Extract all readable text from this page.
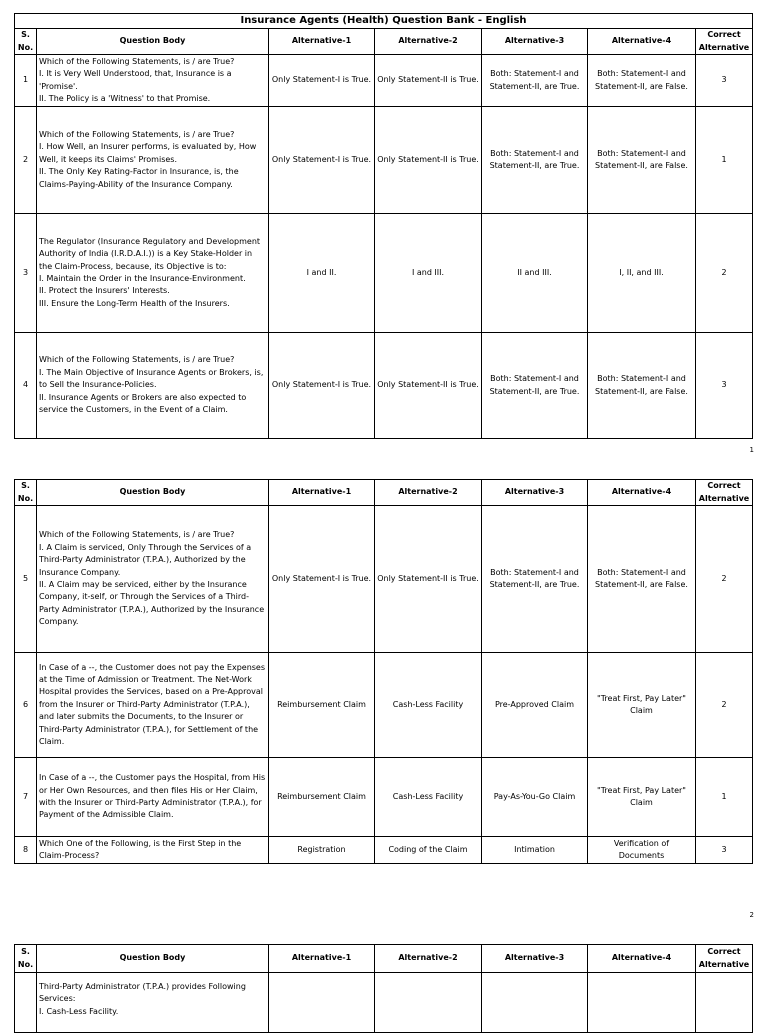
Insurance Agents (Health) Question Bank - English						
S. No.	Question Body	Alternative-1	Alternative-2	Alternative-3	Alternative-4	Correct Alternative
1	Which of the Following Statements, is / are True?
I. It is Very Well Understood, that, Insurance is a 'Promise'.
II. The Policy is a 'Witness' to that Promise.	Only Statement-I is True.	Only Statement-II is True.	Both: Statement-I and Statement-II, are True.	Both: Statement-I and Statement-II, are False.	3
2	Which of the Following Statements, is / are True?
I. How Well, an Insurer performs, is evaluated by, How Well, it keeps its Claims' Promises.
II. The Only Key Rating-Factor in Insurance, is, the Claims-Paying-Ability of the Insurance Company.	Only Statement-I is True.	Only Statement-II is True.	Both: Statement-I and Statement-II, are True.	Both: Statement-I and Statement-II, are False.	1
3	The Regulator (Insurance Regulatory and Development Authority of India (I.R.D.A.I.)) is a Key Stake-Holder in the Claim-Process, because, its Objective is to:
I. Maintain the Order in the Insurance-Environment.
II. Protect the Insurers' Interests.
III. Ensure the Long-Term Health of the Insurers.	I and II.	I and III.	II and III.	I, II, and III.	2
4	Which of the Following Statements, is / are True?
I. The Main Objective of Insurance Agents or Brokers, is, to Sell the Insurance-Policies.
II. Insurance Agents or Brokers are also expected to service the Customers, in the Event of a Claim.	Only Statement-I is True.	Only Statement-II is True.	Both: Statement-I and Statement-II, are True.	Both: Statement-I and Statement-II, are False.	3
1
S. No.	Question Body	Alternative-1	Alternative-2	Alternative-3	Alternative-4	Correct Alternative
5	Which of the Following Statements, is / are True?
I. A Claim is serviced, Only Through the Services of a Third-Party Administrator (T.P.A.), Authorized by the Insurance Company.
II. A Claim may be serviced, either by the Insurance Company, it-self, or Through the Services of a Third-Party Administrator (T.P.A.), Authorized by the Insurance Company.	Only Statement-I is True.	Only Statement-II is True.	Both: Statement-I and Statement-II, are True.	Both: Statement-I and Statement-II, are False.	2
6	In Case of a --, the Customer does not pay the Expenses at the Time of Admission or Treatment. The Net-Work Hospital provides the Services, based on a Pre-Approval from the Insurer or Third-Party Administrator (T.P.A.), and later submits the Documents, to the Insurer or Third-Party Administrator (T.P.A.), for Settlement of the Claim.	Reimbursement Claim	Cash-Less Facility	Pre-Approved Claim	"Treat First, Pay Later" Claim	2
7	In Case of a --, the Customer pays the Hospital, from His or Her Own Resources, and then files His or Her Claim, with the Insurer or Third-Party Administrator (T.P.A.), for Payment of the Admissible Claim.	Reimbursement Claim	Cash-Less Facility	Pay-As-You-Go Claim	"Treat First, Pay Later" Claim	1
8	Which One of the Following, is the First Step in the Claim-Process?	Registration	Coding of the Claim	Intimation	Verification of Documents	3
2
S. No.	Question Body	Alternative-1	Alternative-2	Alternative-3	Alternative-4	Correct Alternative

	Third-Party Administrator (T.P.A.) provides Following Services:
I. Cash-Less Facility.					
